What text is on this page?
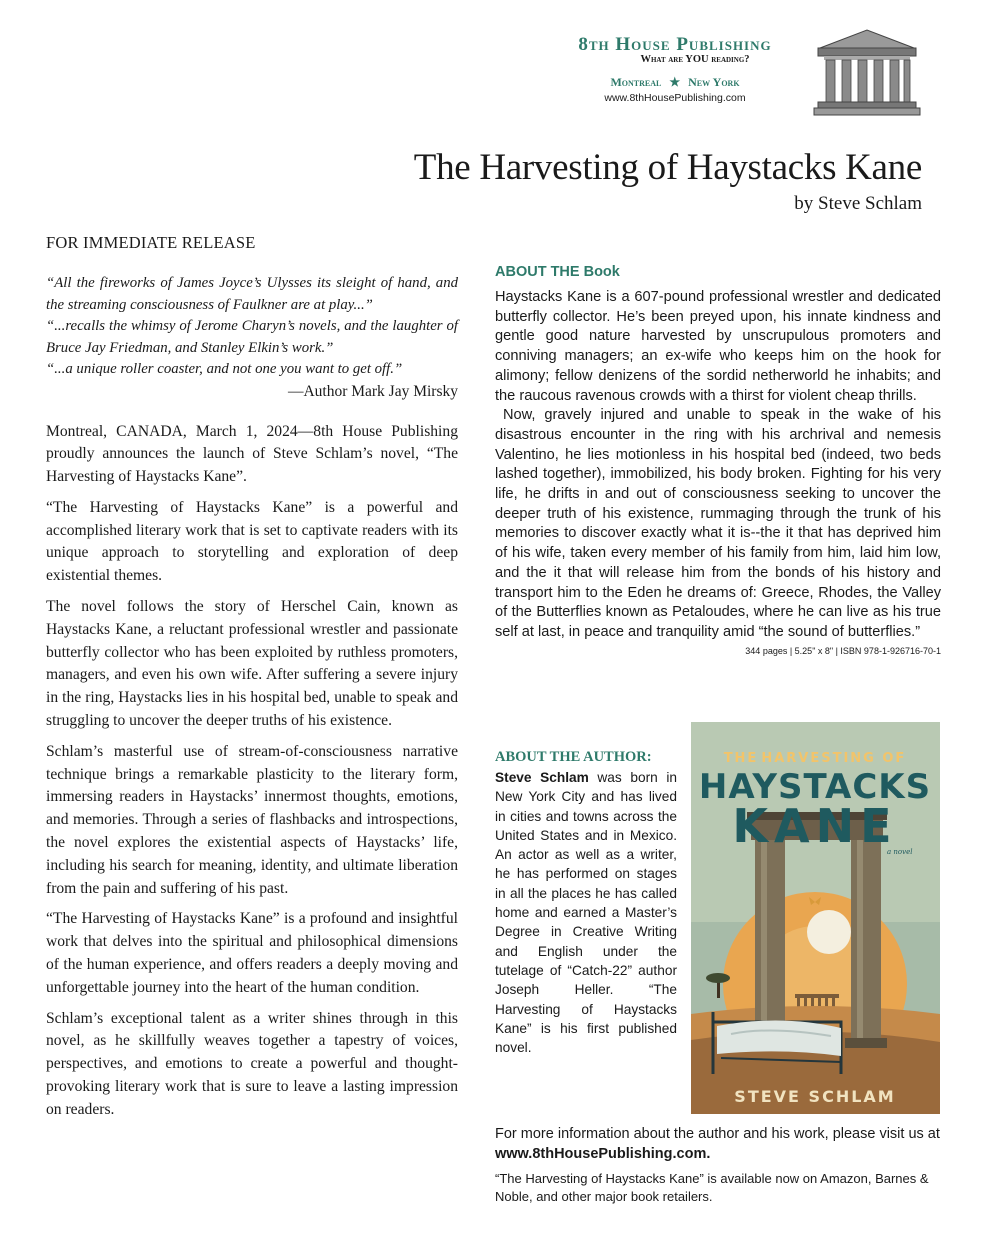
8th House Publishing
What are YOU reading?
Montreal ★ New York
www.8thHousePublishing.com
The Harvesting of Haystacks Kane
by Steve Schlam
FOR IMMEDIATE RELEASE
“All the fireworks of James Joyce’s Ulysses its sleight of hand, and the streaming consciousness of Faulkner are at play...”
“...recalls the whimsy of Jerome Charyn’s novels, and the laughter of Bruce Jay Friedman, and Stanley Elkin’s work.”
“...a unique roller coaster, and not one you want to get off.”
—Author Mark Jay Mirsky

Montreal, CANADA, March 1, 2024—8th House Publishing proudly announces the launch of Steve Schlam’s novel, “The Harvesting of Haystacks Kane”.

“The Harvesting of Haystacks Kane” is a powerful and accomplished literary work that is set to captivate readers with its unique approach to storytelling and exploration of deep existential themes.

The novel follows the story of Herschel Cain, known as Haystacks Kane, a reluctant professional wrestler and passionate butterfly collector who has been exploited by ruthless promoters, managers, and even his own wife. After suffering a severe injury in the ring, Haystacks lies in his hospital bed, unable to speak and struggling to uncover the deeper truths of his existence.

Schlam’s masterful use of stream-of-consciousness narrative technique brings a remarkable plasticity to the literary form, immersing readers in Haystacks’ innermost thoughts, emotions, and memories. Through a series of flashbacks and introspections, the novel explores the existential aspects of Haystacks’ life, including his search for meaning, identity, and ultimate liberation from the pain and suffering of his past.

“The Harvesting of Haystacks Kane” is a profound and insightful work that delves into the spiritual and philosophical dimensions of the human experience, and offers readers a deeply moving and unforgettable journey into the heart of the human condition.

Schlam’s exceptional talent as a writer shines through in this novel, as he skillfully weaves together a tapestry of voices, perspectives, and emotions to create a powerful and thought-provoking literary work that is sure to leave a lasting impression on readers.

ABOUT THE Book

Haystacks Kane is a 607-pound professional wrestler and dedicated butterfly collector. He’s been preyed upon, his innate kindness and gentle good nature harvested by unscrupulous promoters and conniving managers; an ex-wife who keeps him on the hook for alimony; fellow denizens of the sordid netherworld he inhabits; and the raucous ravenous crowds with a thirst for violent cheap thrills.

Now, gravely injured and unable to speak in the wake of his disastrous encounter in the ring with his archrival and nemesis Valentino, he lies motionless in his hospital bed (indeed, two beds lashed together), immobilized, his body broken. Fighting for his very life, he drifts in and out of consciousness seeking to uncover the deeper truth of his existence, rummaging through the trunk of his memories to discover exactly what it is--the it that has deprived him of his wife, taken every member of his family from him, laid him low, and the it that will release him from the bonds of his history and transport him to the Eden he dreams of: Greece, Rhodes, the Valley of the Butterflies known as Petaloudes, where he can live as his true self at last, in peace and tranquility amid “the sound of butterflies.”

344 pages | 5.25" x 8" | ISBN 978-1-926716-70-1
ABOUT THE AUTHOR:
Steve Schlam was born in New York City and has lived in cities and towns across the United States and in Mexico. An actor as well as a writer, he has performed on stages in all the places he has called home and earned a Master’s Degree in Creative Writing and English under the tutelage of “Catch-22” author Joseph Heller. “The Harvesting of Haystacks Kane” is his first published novel.
THE HARVESTING OF
HAYSTACKS
KANE
a novel
STEVE SCHLAM
For more information about the author and his work, please visit us at www.8thHousePublishing.com.
“The Harvesting of Haystacks Kane” is available now on Amazon, Barnes & Noble, and other major book retailers.
